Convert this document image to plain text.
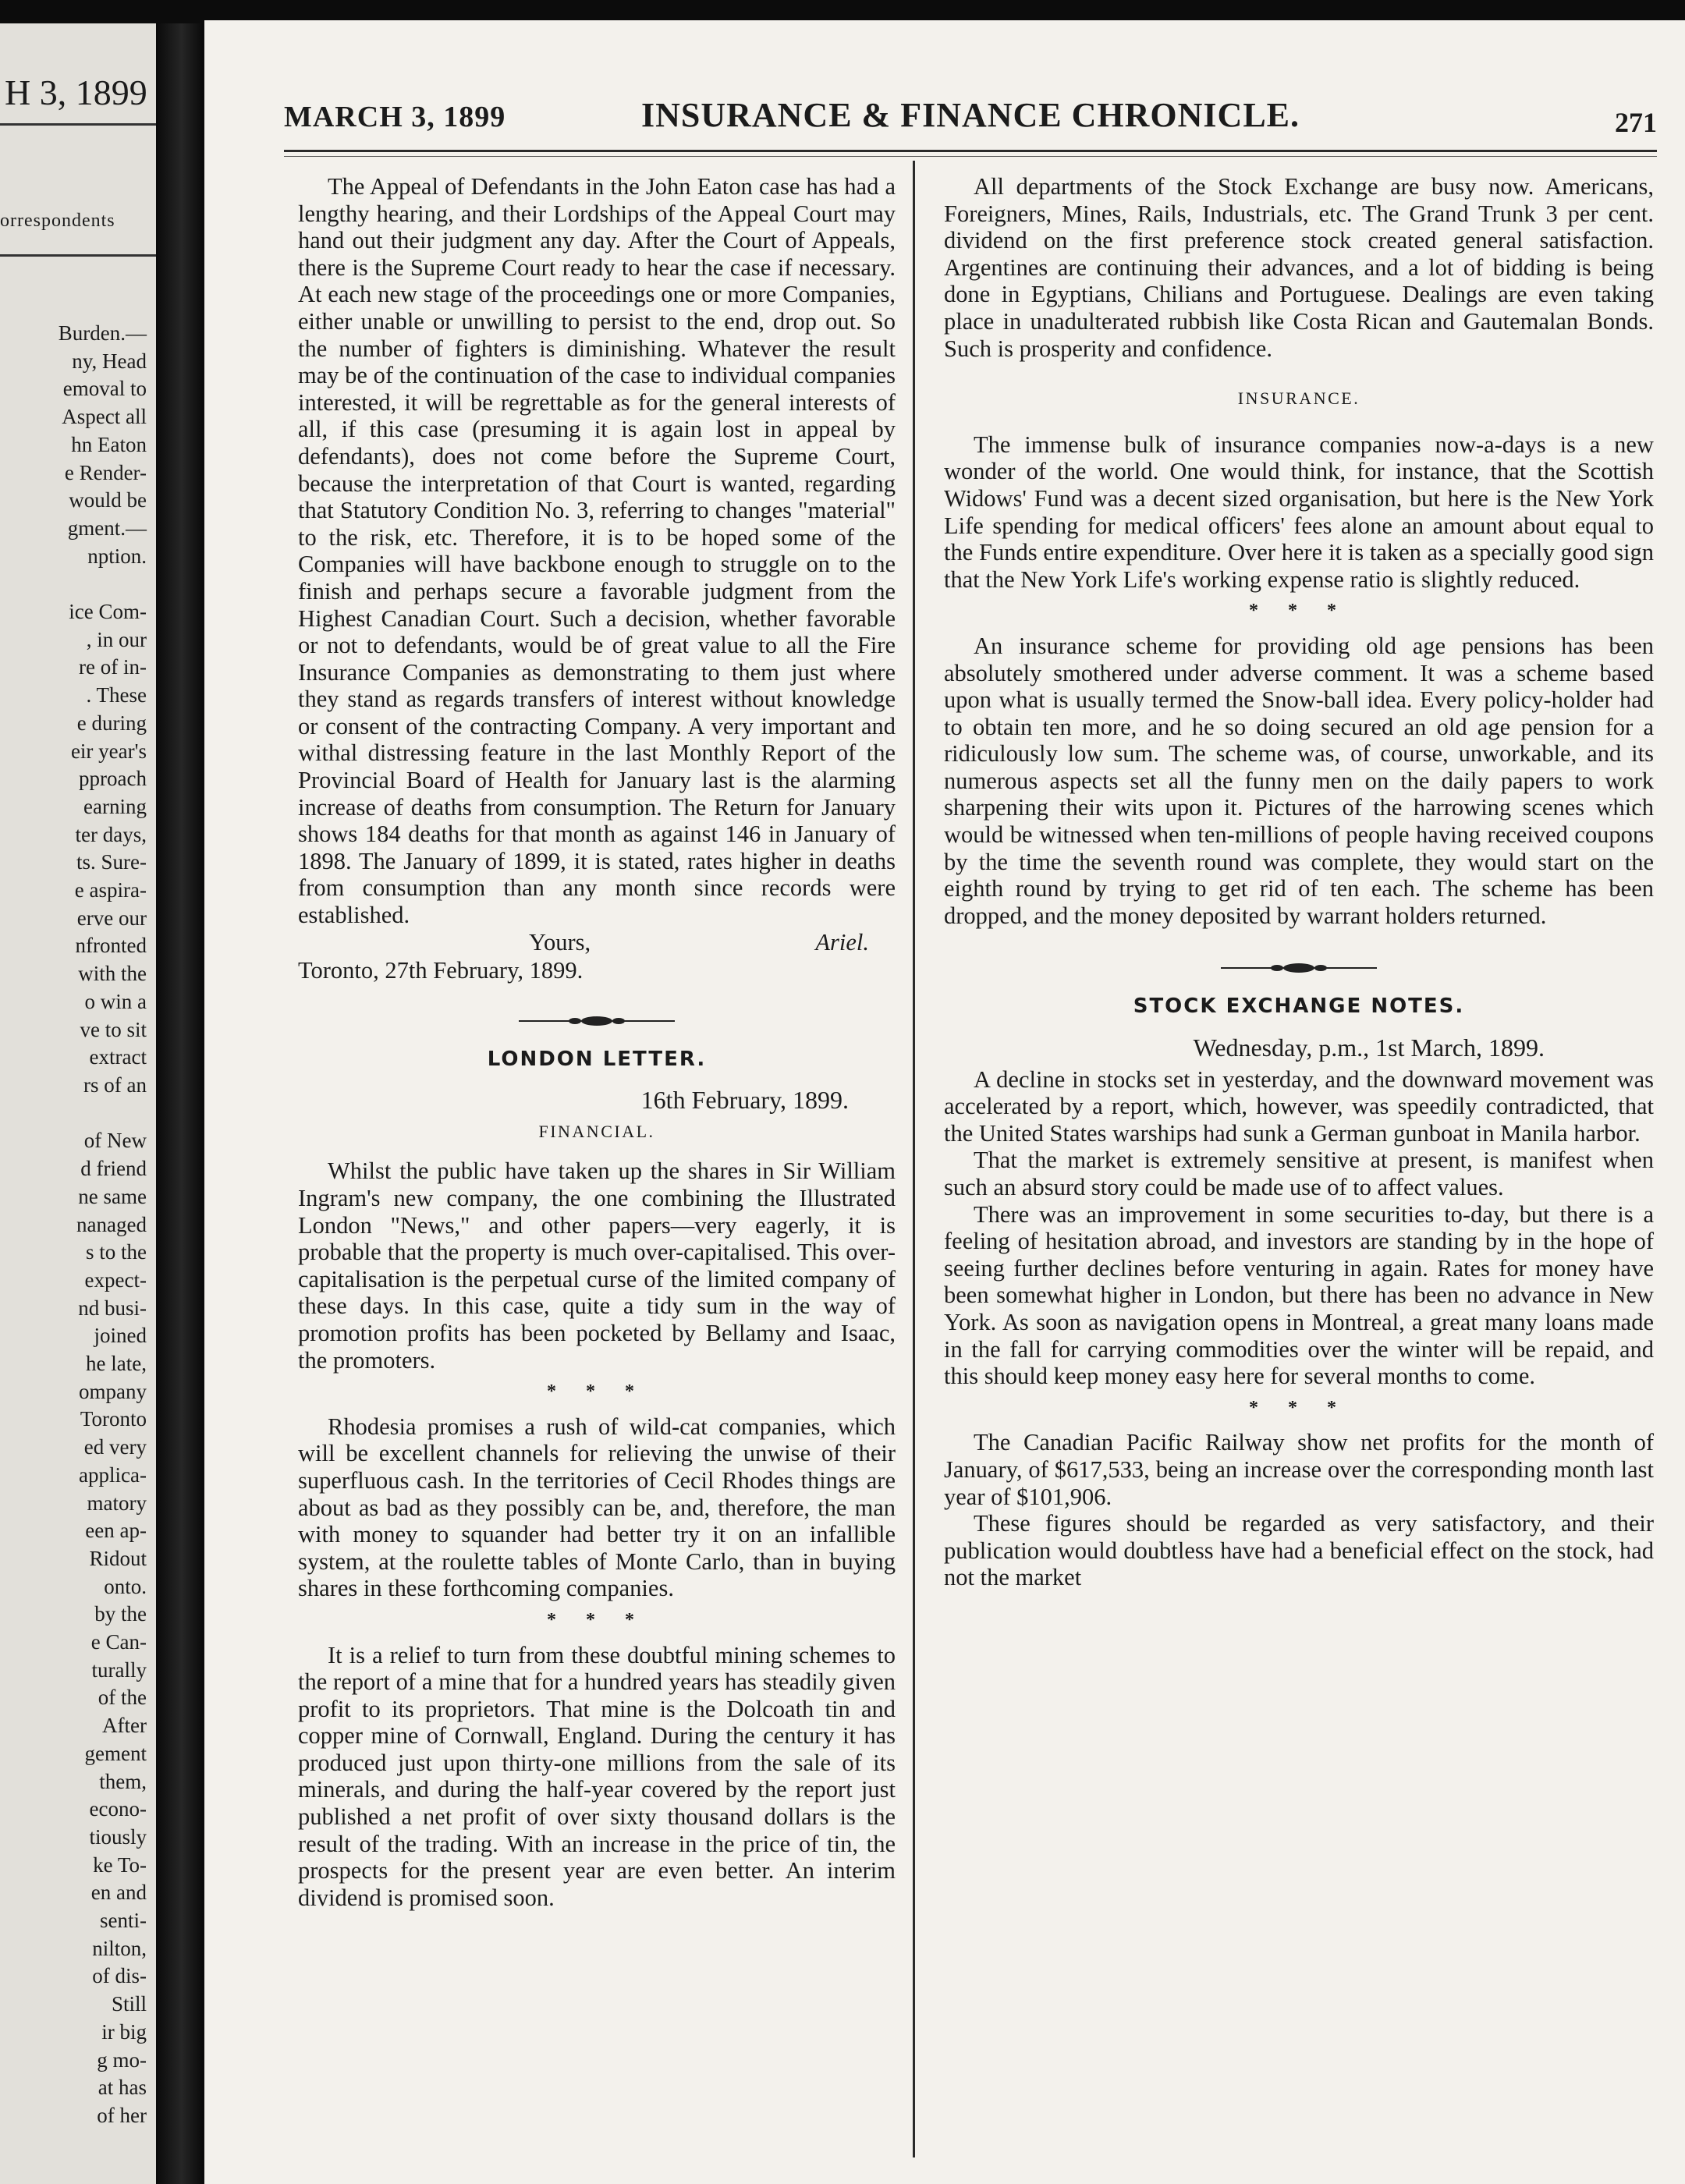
H 3, 1899
orrespondents
Burden.—
ny, Head
emoval to
Aspect all
hn Eaton
e Render-
would be
gment.—
nption.

ice Com-
, in our
re of in-
. These
e during
eir year's
pproach
earning
ter days,
ts. Sure-
e aspira-
erve our
nfronted
with the
o win a
ve to sit
extract
rs of an

of New
d friend
ne same
nanaged
s to the
expect-
nd busi-
joined
he late,
ompany
Toronto
ed very
applica-
matory
een ap-
Ridout
onto.
by the
e Can-
turally
of the
After
gement
them,
econo-
tiously
ke To-
en and
senti-
nilton,
of dis-
Still
ir big
g mo-
at has
of her
MARCH 3, 1899	INSURANCE & FINANCE CHRONICLE.	271

The Appeal of Defendants in the John Eaton case has had a lengthy hearing, and their Lordships of the Appeal Court may hand out their judgment any day. After the Court of Appeals, there is the Supreme Court ready to hear the case if necessary. At each new stage of the proceedings one or more Companies, either unable or unwilling to persist to the end, drop out. So the number of fighters is diminishing. Whatever the result may be of the continuation of the case to individual companies interested, it will be regrettable as for the general interests of all, if this case (presuming it is again lost in appeal by defendants), does not come before the Supreme Court, because the interpretation of that Court is wanted, regarding that Statutory Condition No. 3, referring to changes "material" to the risk, etc. Therefore, it is to be hoped some of the Companies will have backbone enough to struggle on to the finish and perhaps secure a favorable judgment from the Highest Canadian Court. Such a decision, whether favorable or not to defendants, would be of great value to all the Fire Insurance Companies as demonstrating to them just where they stand as regards transfers of interest without knowledge or consent of the contracting Company. A very important and withal distressing feature in the last Monthly Report of the Provincial Board of Health for January last is the alarming increase of deaths from consumption. The Return for January shows 184 deaths for that month as against 146 in January of 1898. The January of 1899, it is stated, rates higher in deaths from consumption than any month since records were established.

Yours,	Ariel.
Toronto, 27th February, 1899.
LONDON LETTER.
16th February, 1899.
FINANCIAL.

Whilst the public have taken up the shares in Sir William Ingram's new company, the one combining the Illustrated London "News," and other papers—very eagerly, it is probable that the property is much over-capitalised. This over-capitalisation is the perpetual curse of the limited company of these days. In this case, quite a tidy sum in the way of promotion profits has been pocketed by Bellamy and Isaac, the promoters.

* * *

Rhodesia promises a rush of wild-cat companies, which will be excellent channels for relieving the unwise of their superfluous cash. In the territories of Cecil Rhodes things are about as bad as they possibly can be, and, therefore, the man with money to squander had better try it on an infallible system, at the roulette tables of Monte Carlo, than in buying shares in these forthcoming companies.

* * *

It is a relief to turn from these doubtful mining schemes to the report of a mine that for a hundred years has steadily given profit to its proprietors. That mine is the Dolcoath tin and copper mine of Cornwall, England. During the century it has produced just upon thirty-one millions from the sale of its minerals, and during the half-year covered by the report just published a net profit of over sixty thousand dollars is the result of the trading. With an increase in the price of tin, the prospects for the present year are even better. An interim dividend is promised soon.

All departments of the Stock Exchange are busy now. Americans, Foreigners, Mines, Rails, Industrials, etc. The Grand Trunk 3 per cent. dividend on the first preference stock created general satisfaction. Argentines are continuing their advances, and a lot of bidding is being done in Egyptians, Chilians and Portuguese. Dealings are even taking place in unadulterated rubbish like Costa Rican and Gautemalan Bonds. Such is prosperity and confidence.

INSURANCE.

The immense bulk of insurance companies now-a-days is a new wonder of the world. One would think, for instance, that the Scottish Widows' Fund was a decent sized organisation, but here is the New York Life spending for medical officers' fees alone an amount about equal to the Funds entire expenditure. Over here it is taken as a specially good sign that the New York Life's working expense ratio is slightly reduced.

* * *

An insurance scheme for providing old age pensions has been absolutely smothered under adverse comment. It was a scheme based upon what is usually termed the Snow-ball idea. Every policy-holder had to obtain ten more, and he so doing secured an old age pension for a ridiculously low sum. The scheme was, of course, unworkable, and its numerous aspects set all the funny men on the daily papers to work sharpening their wits upon it. Pictures of the harrowing scenes which would be witnessed when ten-millions of people having received coupons by the time the seventh round was complete, they would start on the eighth round by trying to get rid of ten each. The scheme has been dropped, and the money deposited by warrant holders returned.

STOCK EXCHANGE NOTES.
Wednesday, p.m., 1st March, 1899.

A decline in stocks set in yesterday, and the downward movement was accelerated by a report, which, however, was speedily contradicted, that the United States warships had sunk a German gunboat in Manila harbor.

That the market is extremely sensitive at present, is manifest when such an absurd story could be made use of to affect values.

There was an improvement in some securities to-day, but there is a feeling of hesitation abroad, and investors are standing by in the hope of seeing further declines before venturing in again. Rates for money have been somewhat higher in London, but there has been no advance in New York. As soon as navigation opens in Montreal, a great many loans made in the fall for carrying commodities over the winter will be repaid, and this should keep money easy here for several months to come.

* * *

The Canadian Pacific Railway show net profits for the month of January, of $617,533, being an increase over the corresponding month last year of $101,906.

These figures should be regarded as very satisfactory, and their publication would doubtless have had a beneficial effect on the stock, had not the market
